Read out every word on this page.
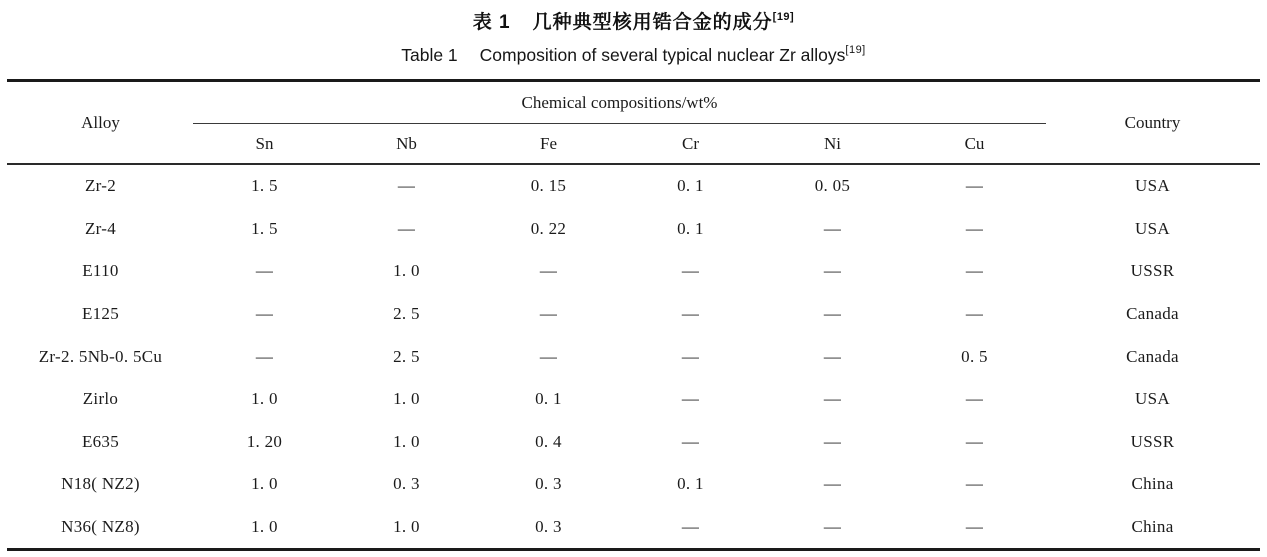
表 1 几种典型核用锆合金的成分[19]
Table 1 Composition of several typical nuclear Zr alloys[19]
Alloy	Chemical compositions/wt%						Country
	Sn	Nb	Fe	Cr	Ni	Cu	
Zr-2	1. 5	—	0. 15	0. 1	0. 05	—	USA
Zr-4	1. 5	—	0. 22	0. 1	—	—	USA
E110	—	1. 0	—	—	—	—	USSR
E125	—	2. 5	—	—	—	—	Canada
Zr-2. 5Nb-0. 5Cu	—	2. 5	—	—	—	0. 5	Canada
Zirlo	1. 0	1. 0	0. 1	—	—	—	USA
E635	1. 20	1. 0	0. 4	—	—	—	USSR
N18( NZ2)	1. 0	0. 3	0. 3	0. 1	—	—	China
N36( NZ8)	1. 0	1. 0	0. 3	—	—	—	China
